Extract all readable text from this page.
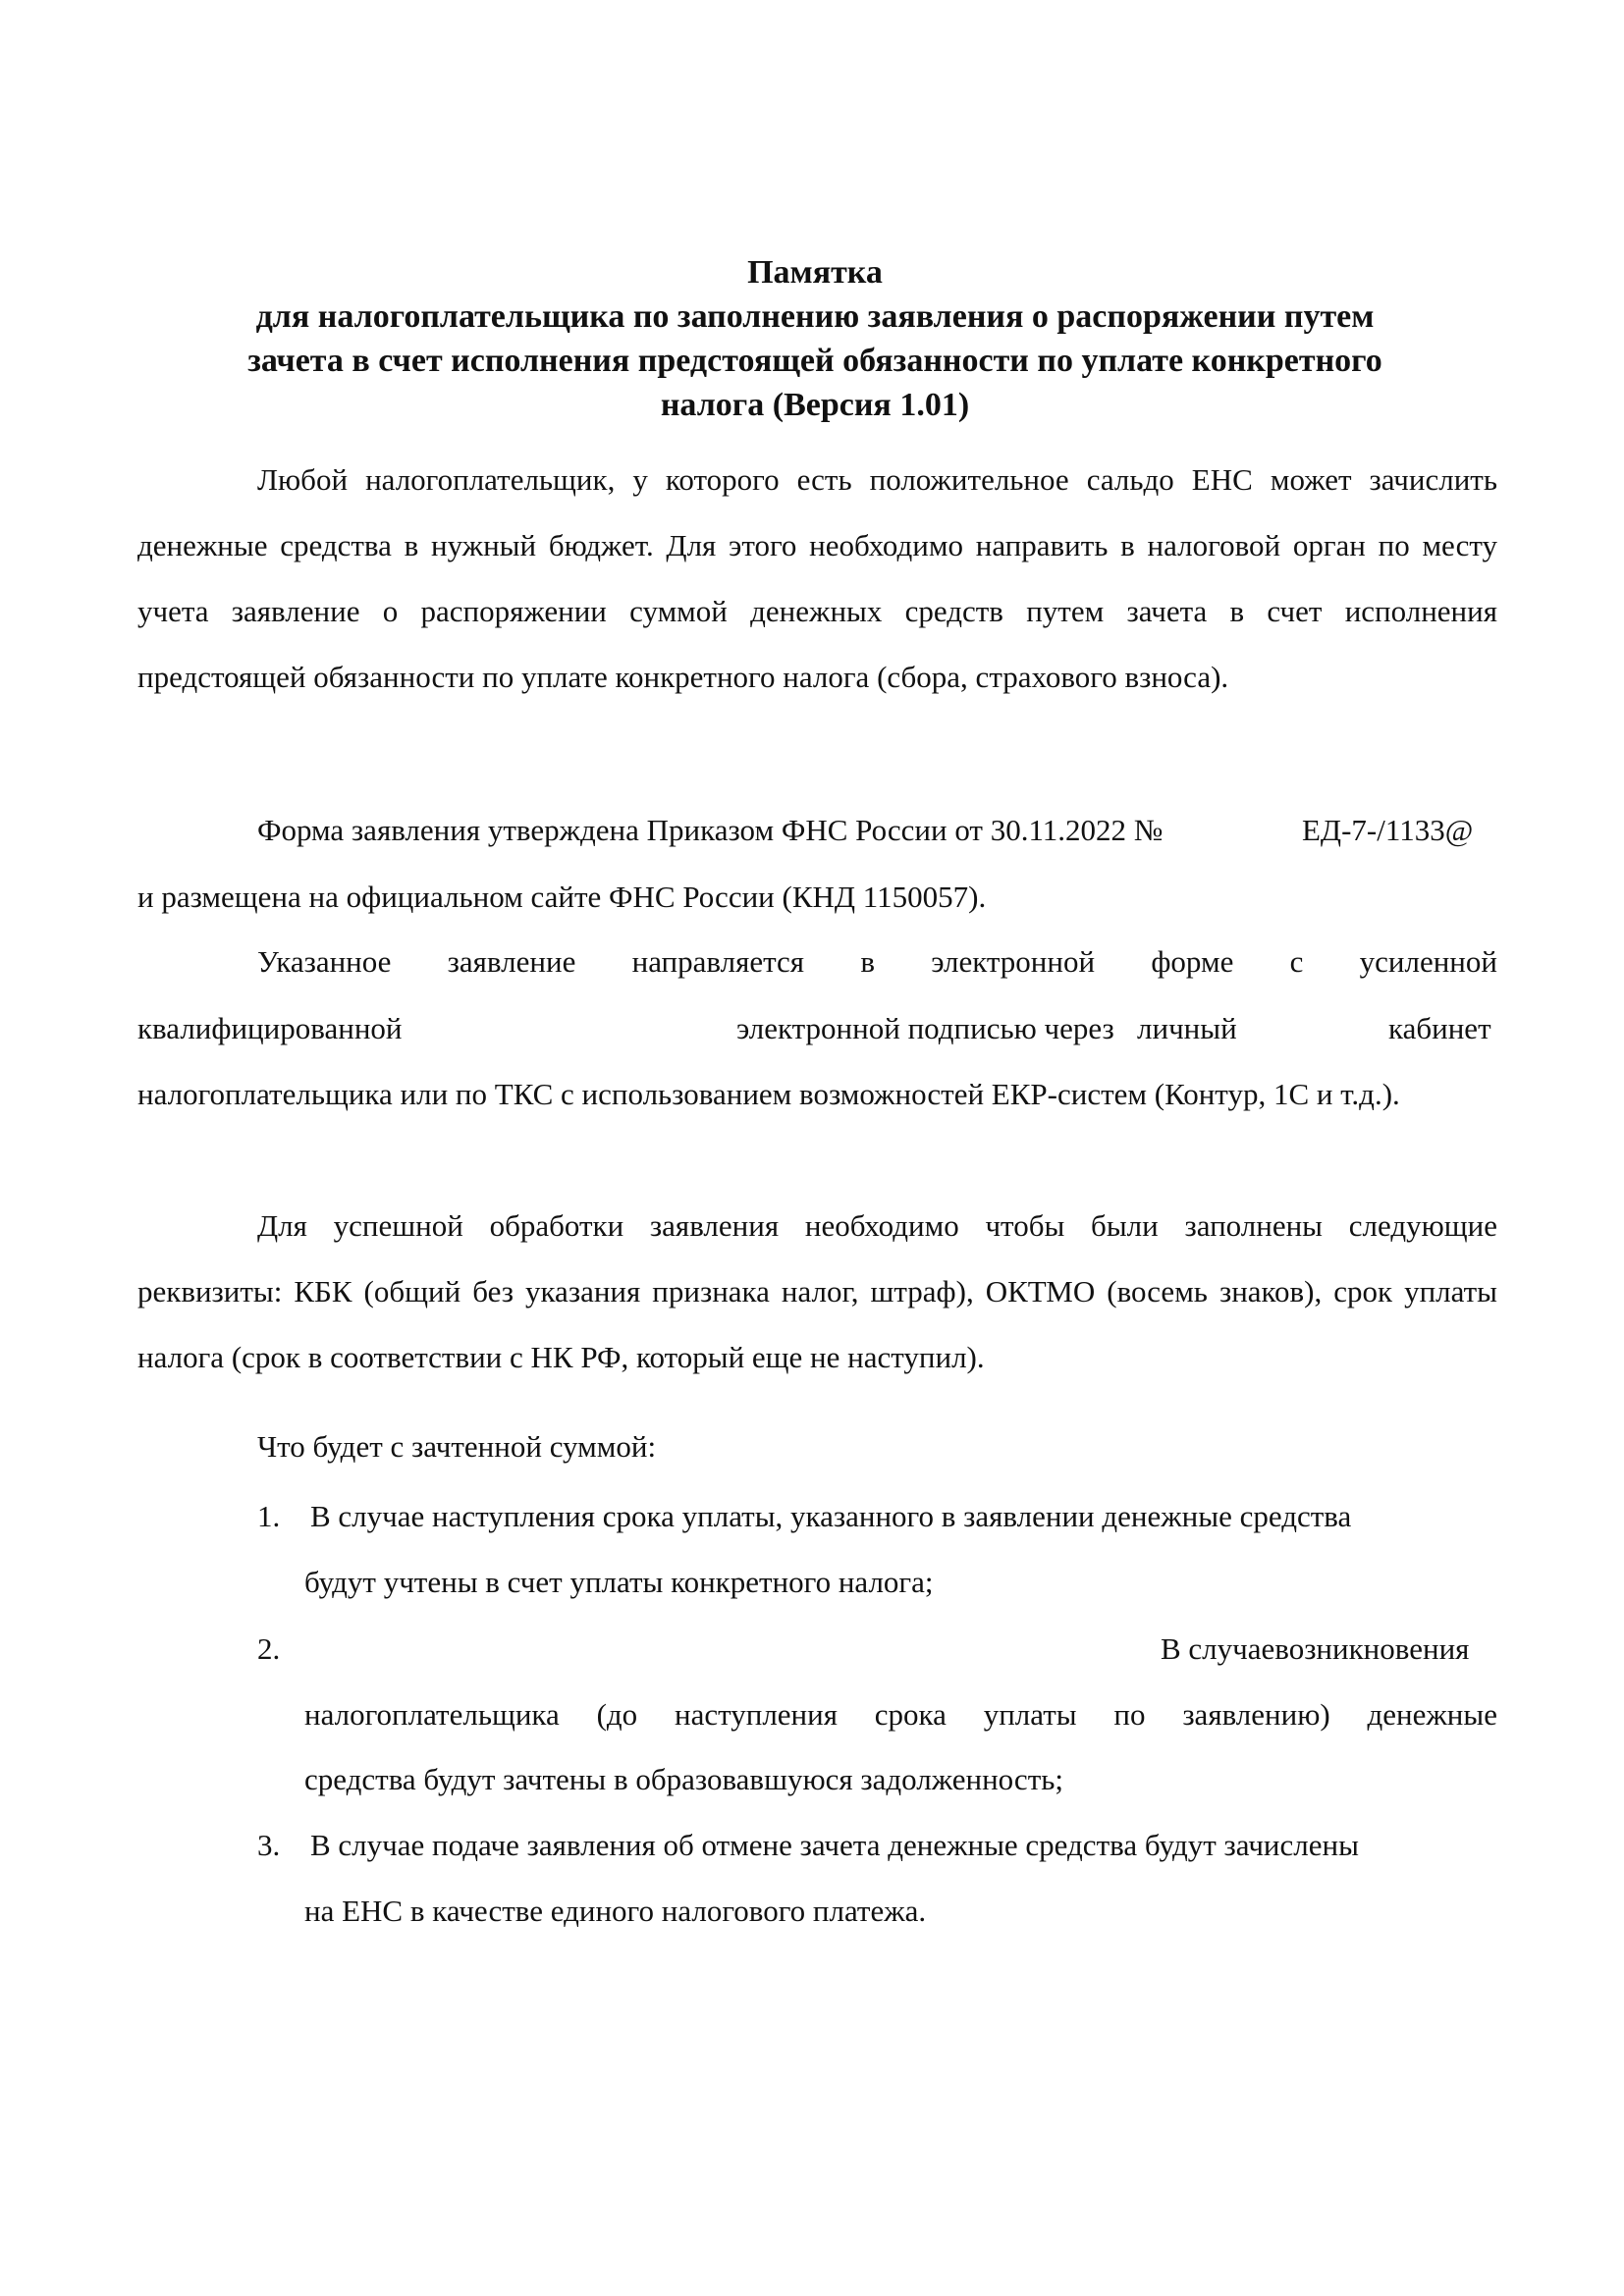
Памятка
для налогоплательщика по заполнению заявления о распоряжении путем
зачета в счет исполнения предстоящей обязанности по уплате конкретного
налога (Версия 1.01)

Любой налогоплательщик, у которого есть положительное сальдо ЕНС может зачислить денежные средства в нужный бюджет. Для этого необходимо направить в налоговой орган по месту учета заявление о распоряжении суммой денежных средств путем зачета в счет исполнения предстоящей обязанности по уплате конкретного налога (сбора, страхового взноса).

Форма заявления утверждена Приказом ФНС России от 30.11.2022 №	ЕД-7-/1133@
и размещена на официальном сайте ФНС России (КНД 1150057).
Указанное заявление направляется в электронной форме с усиленной
квалифицированной	электронной подписью через   личный	кабинет

налогоплательщика или по ТКС с использованием возможностей ЕКР-систем (Контур, 1С и т.д.).

Для успешной обработки заявления необходимо чтобы были заполнены следующие реквизиты: КБК (общий без указания признака налог, штраф), ОКТМО (восемь знаков), срок уплаты налога (срок в соответствии с НК РФ, который еще не наступил).

Что будет с зачтенной суммой:
1. В случае наступления срока уплаты, указанного в заявлении денежные средства
будут учтены в счет уплаты конкретного налога;
2.	В случаевозникновения
налогоплательщика (до наступления срока уплаты по заявлению) денежные
средства будут зачтены в образовавшуюся задолженность;
3. В случае подаче заявления об отмене зачета денежные средства будут зачислены
на ЕНС в качестве единого налогового платежа.
